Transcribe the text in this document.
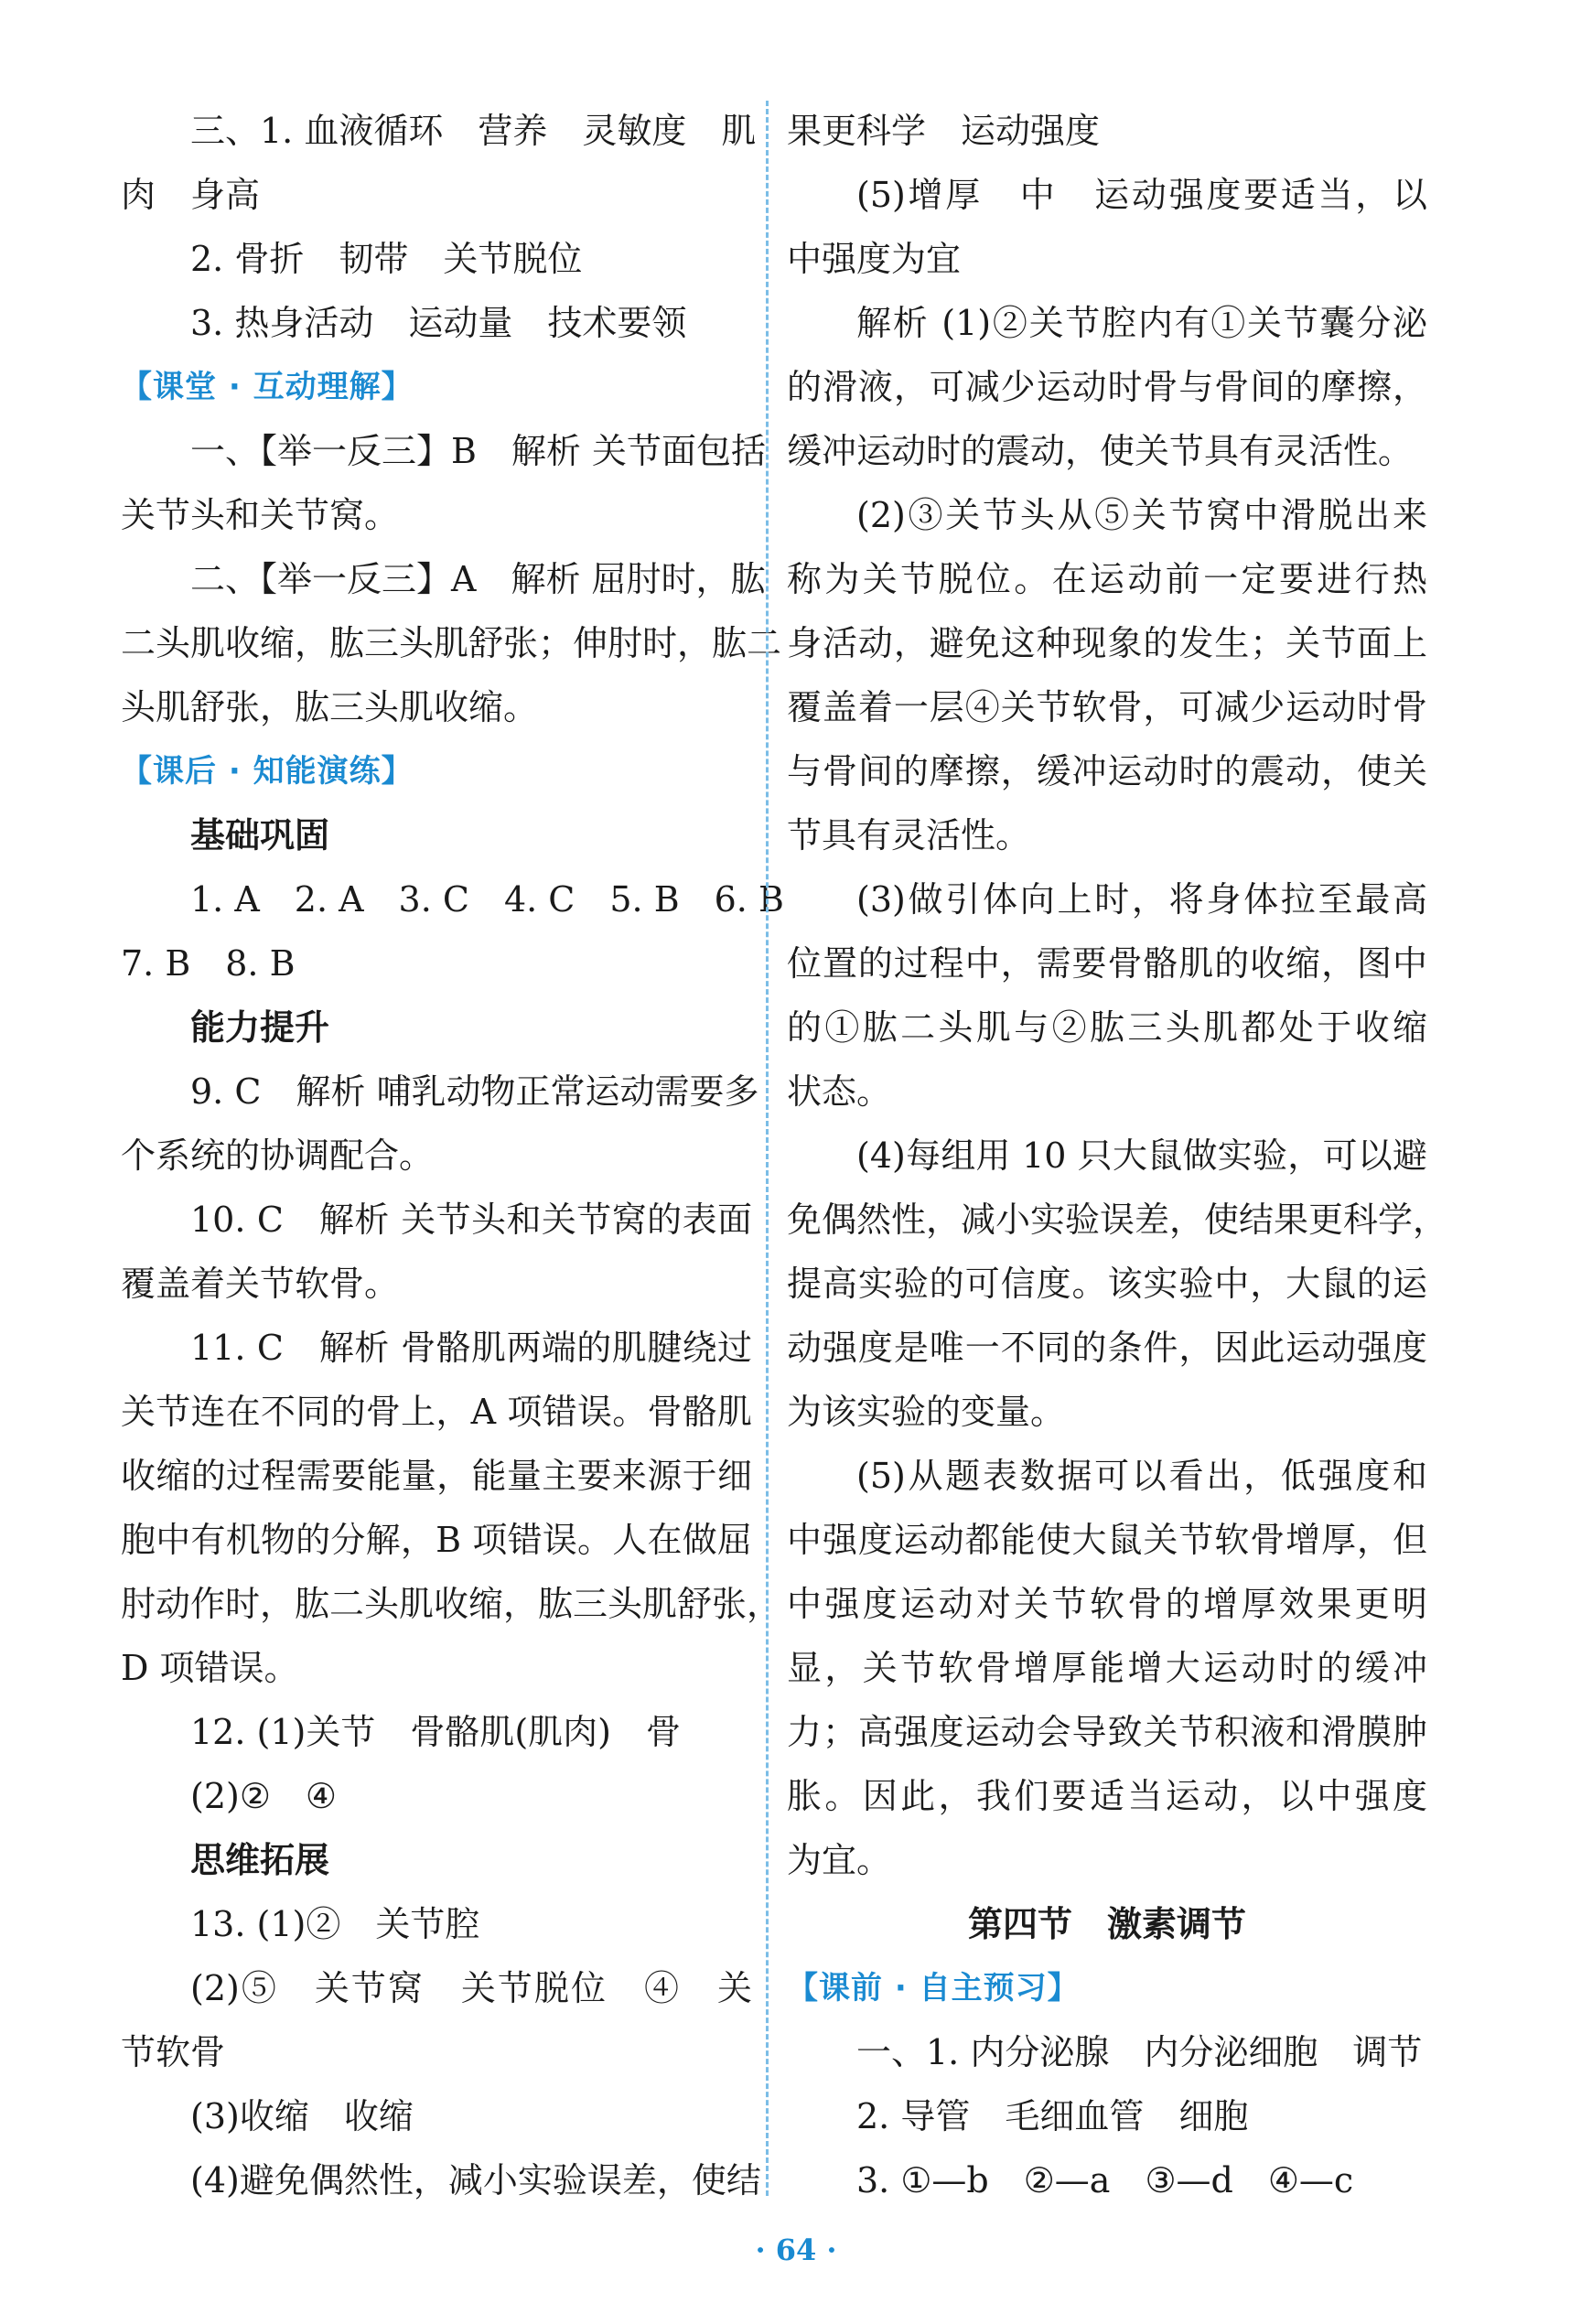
三、1. 血液循环　营养　灵敏度　肌
肉　身高
2. 骨折　韧带　关节脱位
3. 热身活动　运动量　技术要领
【课堂 · 互动理解】
一、【举一反三】B　解析 关节面包括
关节头和关节窝。
二、【举一反三】A　解析 屈肘时，肱
二头肌收缩，肱三头肌舒张；伸肘时，肱二
头肌舒张，肱三头肌收缩。
【课后 · 知能演练】
基础巩固
1. A　2. A　3. C　4. C　5. B　6. B
7. B　8. B
能力提升
9. C　解析 哺乳动物正常运动需要多
个系统的协调配合。
10. C　解析 关节头和关节窝的表面
覆盖着关节软骨。
11. C　解析 骨骼肌两端的肌腱绕过
关节连在不同的骨上，A 项错误。骨骼肌
收缩的过程需要能量，能量主要来源于细
胞中有机物的分解，B 项错误。人在做屈
肘动作时，肱二头肌收缩，肱三头肌舒张，
D 项错误。
12. (1)关节　骨骼肌(肌肉)　骨
(2)②　④
思维拓展
13. (1)②　关节腔
(2)⑤　关节窝　关节脱位　④　关
节软骨
(3)收缩　收缩
(4)避免偶然性，减小实验误差，使结
果更科学　运动强度
(5)增厚　中　运动强度要适当，以
中强度为宜
解析 (1)②关节腔内有①关节囊分泌
的滑液，可减少运动时骨与骨间的摩擦，
缓冲运动时的震动，使关节具有灵活性。
(2)③关节头从⑤关节窝中滑脱出来
称为关节脱位。在运动前一定要进行热
身活动，避免这种现象的发生；关节面上
覆盖着一层④关节软骨，可减少运动时骨
与骨间的摩擦，缓冲运动时的震动，使关
节具有灵活性。
(3)做引体向上时，将身体拉至最高
位置的过程中，需要骨骼肌的收缩，图中
的①肱二头肌与②肱三头肌都处于收缩
状态。
(4)每组用 10 只大鼠做实验，可以避
免偶然性，减小实验误差，使结果更科学，
提高实验的可信度。该实验中，大鼠的运
动强度是唯一不同的条件，因此运动强度
为该实验的变量。
(5)从题表数据可以看出，低强度和
中强度运动都能使大鼠关节软骨增厚，但
中强度运动对关节软骨的增厚效果更明
显，关节软骨增厚能增大运动时的缓冲
力；高强度运动会导致关节积液和滑膜肿
胀。因此，我们要适当运动，以中强度
为宜。
第四节　激素调节
【课前 · 自主预习】
一、1. 内分泌腺　内分泌细胞　调节
2. 导管　毛细血管　细胞
3. ①—b　②—a　③—d　④—c
· 64 ·
